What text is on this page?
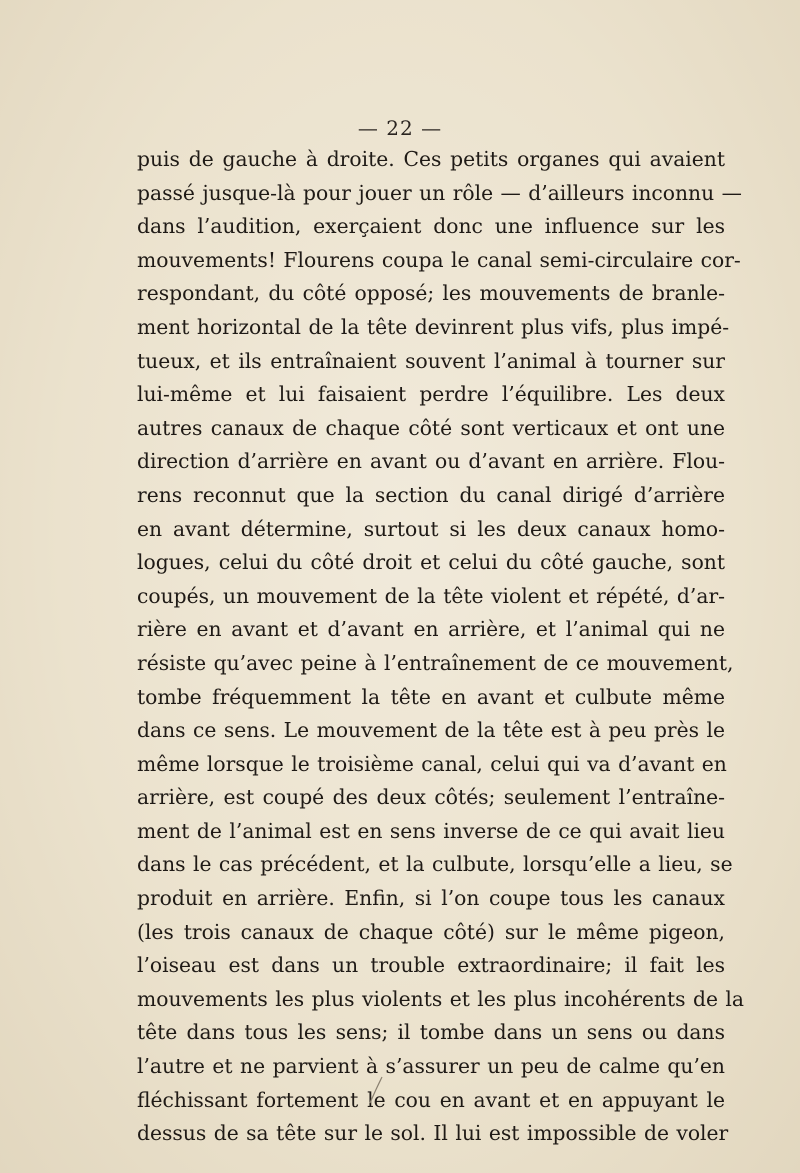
— 22 —
puis de gauche à droite. Ces petits organes qui avaient
passé jusque-là pour jouer un rôle — d’ailleurs inconnu —
dans l’audition, exerçaient donc une influence sur les
mouvements! Flourens coupa le canal semi-circulaire cor-
respondant, du côté opposé; les mouvements de branle-
ment horizontal de la tête devinrent plus vifs, plus impé-
tueux, et ils entraînaient souvent l’animal à tourner sur
lui-même et lui faisaient perdre l’équilibre. Les deux
autres canaux de chaque côté sont verticaux et ont une
direction d’arrière en avant ou d’avant en arrière. Flou-
rens reconnut que la section du canal dirigé d’arrière
en avant détermine, surtout si les deux canaux homo-
logues, celui du côté droit et celui du côté gauche, sont
coupés, un mouvement de la tête violent et répété, d’ar-
rière en avant et d’avant en arrière, et l’animal qui ne
résiste qu’avec peine à l’entraînement de ce mouvement,
tombe fréquemment la tête en avant et culbute même
dans ce sens. Le mouvement de la tête est à peu près le
même lorsque le troisième canal, celui qui va d’avant en
arrière, est coupé des deux côtés; seulement l’entraîne-
ment de l’animal est en sens inverse de ce qui avait lieu
dans le cas précédent, et la culbute, lorsqu’elle a lieu, se
produit en arrière. Enfin, si l’on coupe tous les canaux
(les trois canaux de chaque côté) sur le même pigeon,
l’oiseau est dans un trouble extraordinaire; il fait les
mouvements les plus violents et les plus incohérents de la
tête dans tous les sens; il tombe dans un sens ou dans
l’autre et ne parvient à s’assurer un peu de calme qu’en
fléchissant fortement le cou en avant et en appuyant le
dessus de sa tête sur le sol. Il lui est impossible de voler
